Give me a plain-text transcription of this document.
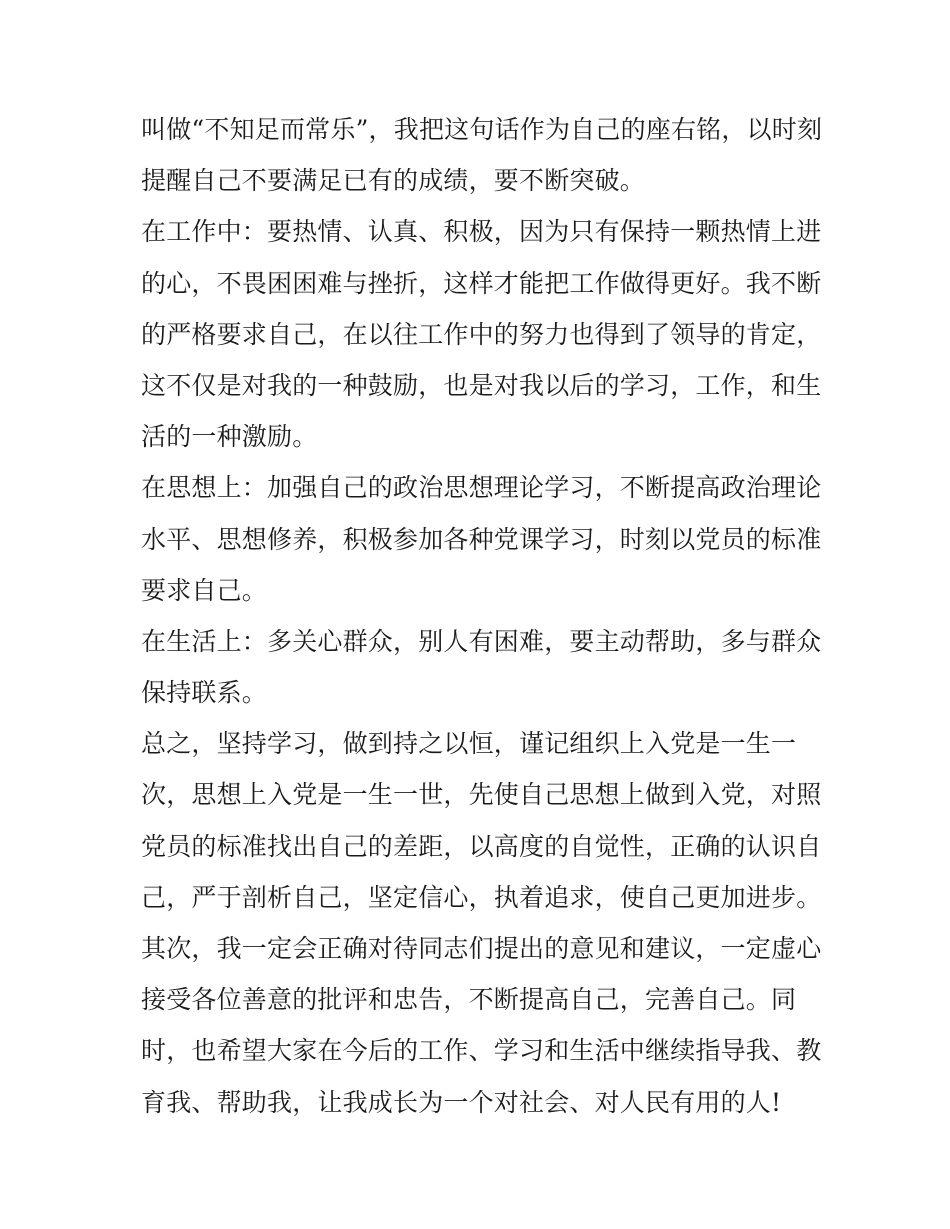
叫做“不知足而常乐”，我把这句话作为自己的座右铭，以时刻
提醒自己不要满足已有的成绩，要不断突破。
在工作中：要热情、认真、积极，因为只有保持一颗热情上进
的心，不畏困困难与挫折，这样才能把工作做得更好。我不断
的严格要求自己，在以往工作中的努力也得到了领导的肯定，
这不仅是对我的一种鼓励，也是对我以后的学习，工作，和生
活的一种激励。
在思想上：加强自己的政治思想理论学习，不断提高政治理论
水平、思想修养，积极参加各种党课学习，时刻以党员的标准
要求自己。
在生活上：多关心群众，别人有困难，要主动帮助，多与群众
保持联系。
总之，坚持学习，做到持之以恒，谨记组织上入党是一生一
次，思想上入党是一生一世，先使自己思想上做到入党，对照
党员的标准找出自己的差距，以高度的自觉性，正确的认识自
己，严于剖析自己，坚定信心，执着追求，使自己更加进步。
其次，我一定会正确对待同志们提出的意见和建议，一定虚心
接受各位善意的批评和忠告，不断提高自己，完善自己。同
时，也希望大家在今后的工作、学习和生活中继续指导我、教
育我、帮助我，让我成长为一个对社会、对人民有用的人!
